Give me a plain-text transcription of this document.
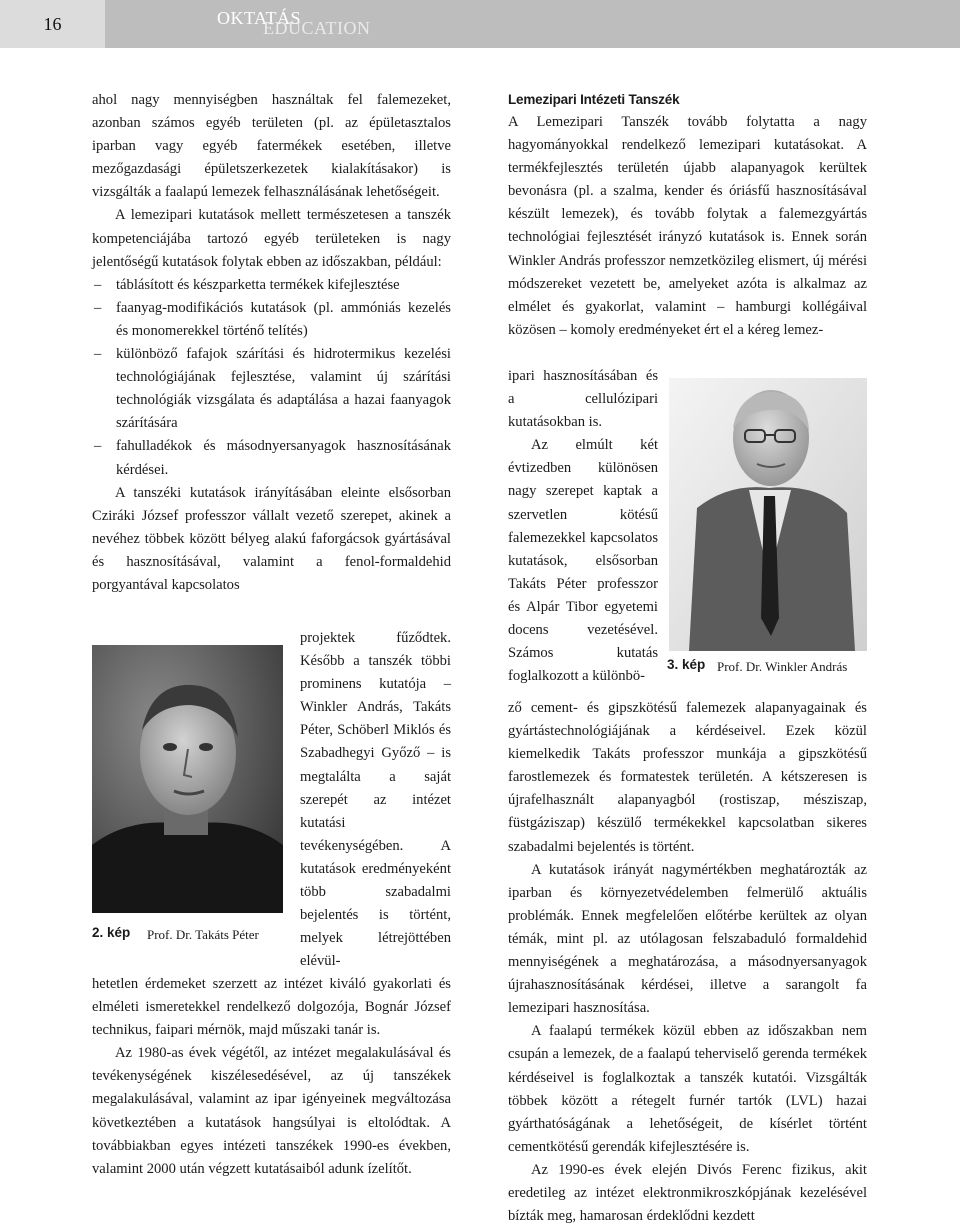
16	OKTATÁS
EDUCATION

ahol nagy mennyiségben használtak fel falemezeket, azonban számos egyéb területen (pl. az épületasztalos iparban vagy egyéb fatermékek esetében, illetve mezőgazdasági épületszerkezetek kialakításakor) is vizsgálták a faalapú lemezek felhasználásának lehetőségeit.

A lemezipari kutatások mellett természetesen a tanszék kompetenciájába tartozó egyéb területeken is nagy jelentőségű kutatások folytak ebben az időszakban, például:

– táblásított és készparketta termékek kifejlesztése
– faanyag-modifikációs kutatások (pl. ammóniás kezelés és monomerekkel történő telítés)
– különböző fafajok szárítási és hidrotermikus kezelési technológiájának fejlesztése, valamint új szárítási technológiák vizsgálata és adaptálása a hazai faanyagok szárítására
– fahulladékok és másodnyersanyagok hasznosításának kérdései.

A tanszéki kutatások irányításában eleinte elsősorban Cziráki József professzor vállalt vezető szerepet, akinek a nevéhez többek között bélyeg alakú faforgácsok gyártásával és hasznosításával, valamint a fenol-formaldehid porgyantával kapcsolatos

2. kép Prof. Dr. Takáts Péter

projektek fűződtek. Később a tanszék többi prominens kutatója – Winkler András, Takáts Péter, Schöberl Miklós és Szabadhegyi Győző – is megtalálta a saját szerepét az intézet kutatási tevékenységében. A kutatások eredményeként több szabadalmi bejelentés is történt, melyek létrejöttében elévül-

hetetlen érdemeket szerzett az intézet kiváló gyakorlati és elméleti ismeretekkel rendelkező dolgozója, Bognár József technikus, faipari mérnök, majd műszaki tanár is.

Az 1980-as évek végétől, az intézet megalakulásával és tevékenységének kiszélesedésével, az új tanszékek megalakulásával, valamint az ipar igényeinek megváltozása következtében a kutatások hangsúlyai is eltolódtak. A továbbiakban egyes intézeti tanszékek 1990-es években, valamint 2000 után végzett kutatásaiból adunk ízelítőt.

Lemezipari Intézeti Tanszék

A Lemezipari Tanszék tovább folytatta a nagy hagyományokkal rendelkező lemezipari kutatásokat. A termékfejlesztés területén újabb alapanyagok kerültek bevonásra (pl. a szalma, kender és óriásfű hasznosításával készült lemezek), és tovább folytak a falemezgyártás technológiai fejlesztését irányzó kutatások is. Ennek során Winkler András professzor nemzetközileg elismert, új mérési módszereket vezetett be, amelyeket azóta is alkalmaz az elmélet és gyakorlat, valamint – hamburgi kollégáival közösen – komoly eredményeket ért el a kéreg lemez-

ipari hasznosításában és a cellulózipari kutatásokban is.

Az elmúlt két évtizedben különösen nagy szerepet kaptak a szervetlen kötésű falemezekkel kapcsolatos kutatások, elsősorban Takáts Péter professzor és Alpár Tibor egyetemi docens vezetésével. Számos kutatás foglalkozott a különbö-

3. kép Prof. Dr. Winkler András

ző cement- és gipszkötésű falemezek alapanyagainak és gyártástechnológiájának a kérdéseivel. Ezek közül kiemelkedik Takáts professzor munkája a gipszkötésű farostlemezek és formatestek területén. A kétszeresen is újrafelhasznált alapanyagból (rostiszap, mésziszap, füstgáziszap) készülő termékekkel kapcsolatban sikeres szabadalmi bejelentés is történt.

A kutatások irányát nagymértékben meghatározták az iparban és környezetvédelemben felmerülő aktuális problémák. Ennek megfelelően előtérbe kerültek az olyan témák, mint pl. az utólagosan felszabaduló formaldehid mennyiségének a meghatározása, a másodnyersanyagok újrahasznosításának kérdései, illetve a sarangolt fa lemezipari hasznosítása.

A faalapú termékek közül ebben az időszakban nem csupán a lemezek, de a faalapú teherviselő gerenda termékek kérdéseivel is foglalkoztak a tanszék kutatói. Vizsgálták többek között a rétegelt furnér tartók (LVL) hazai gyárthatóságának a lehetőségeit, de kísérlet történt cementkötésű gerendák kifejlesztésére is.

Az 1990-es évek elején Divós Ferenc fizikus, akit eredetileg az intézet elektronmikroszkópjának kezelésével bízták meg, hamarosan érdeklődni kezdett
